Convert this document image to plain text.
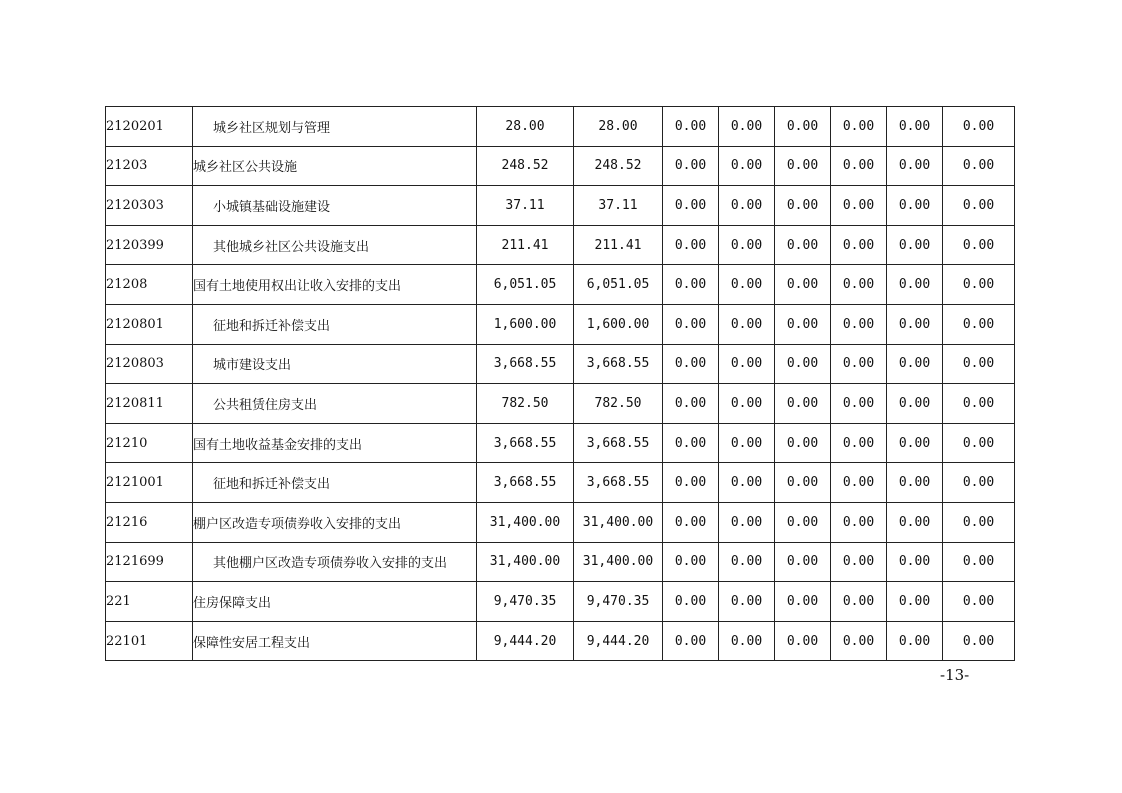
2120201	城乡社区规划与管理	28.00	28.00	0.00	0.00	0.00	0.00	0.00	0.00
21203	城乡社区公共设施	248.52	248.52	0.00	0.00	0.00	0.00	0.00	0.00
2120303	小城镇基础设施建设	37.11	37.11	0.00	0.00	0.00	0.00	0.00	0.00
2120399	其他城乡社区公共设施支出	211.41	211.41	0.00	0.00	0.00	0.00	0.00	0.00
21208	国有土地使用权出让收入安排的支出	6,051.05	6,051.05	0.00	0.00	0.00	0.00	0.00	0.00
2120801	征地和拆迁补偿支出	1,600.00	1,600.00	0.00	0.00	0.00	0.00	0.00	0.00
2120803	城市建设支出	3,668.55	3,668.55	0.00	0.00	0.00	0.00	0.00	0.00
2120811	公共租赁住房支出	782.50	782.50	0.00	0.00	0.00	0.00	0.00	0.00
21210	国有土地收益基金安排的支出	3,668.55	3,668.55	0.00	0.00	0.00	0.00	0.00	0.00
2121001	征地和拆迁补偿支出	3,668.55	3,668.55	0.00	0.00	0.00	0.00	0.00	0.00
21216	棚户区改造专项债券收入安排的支出	31,400.00	31,400.00	0.00	0.00	0.00	0.00	0.00	0.00
2121699	其他棚户区改造专项债券收入安排的支出	31,400.00	31,400.00	0.00	0.00	0.00	0.00	0.00	0.00
221	住房保障支出	9,470.35	9,470.35	0.00	0.00	0.00	0.00	0.00	0.00
22101	保障性安居工程支出	9,444.20	9,444.20	0.00	0.00	0.00	0.00	0.00	0.00
-13-
